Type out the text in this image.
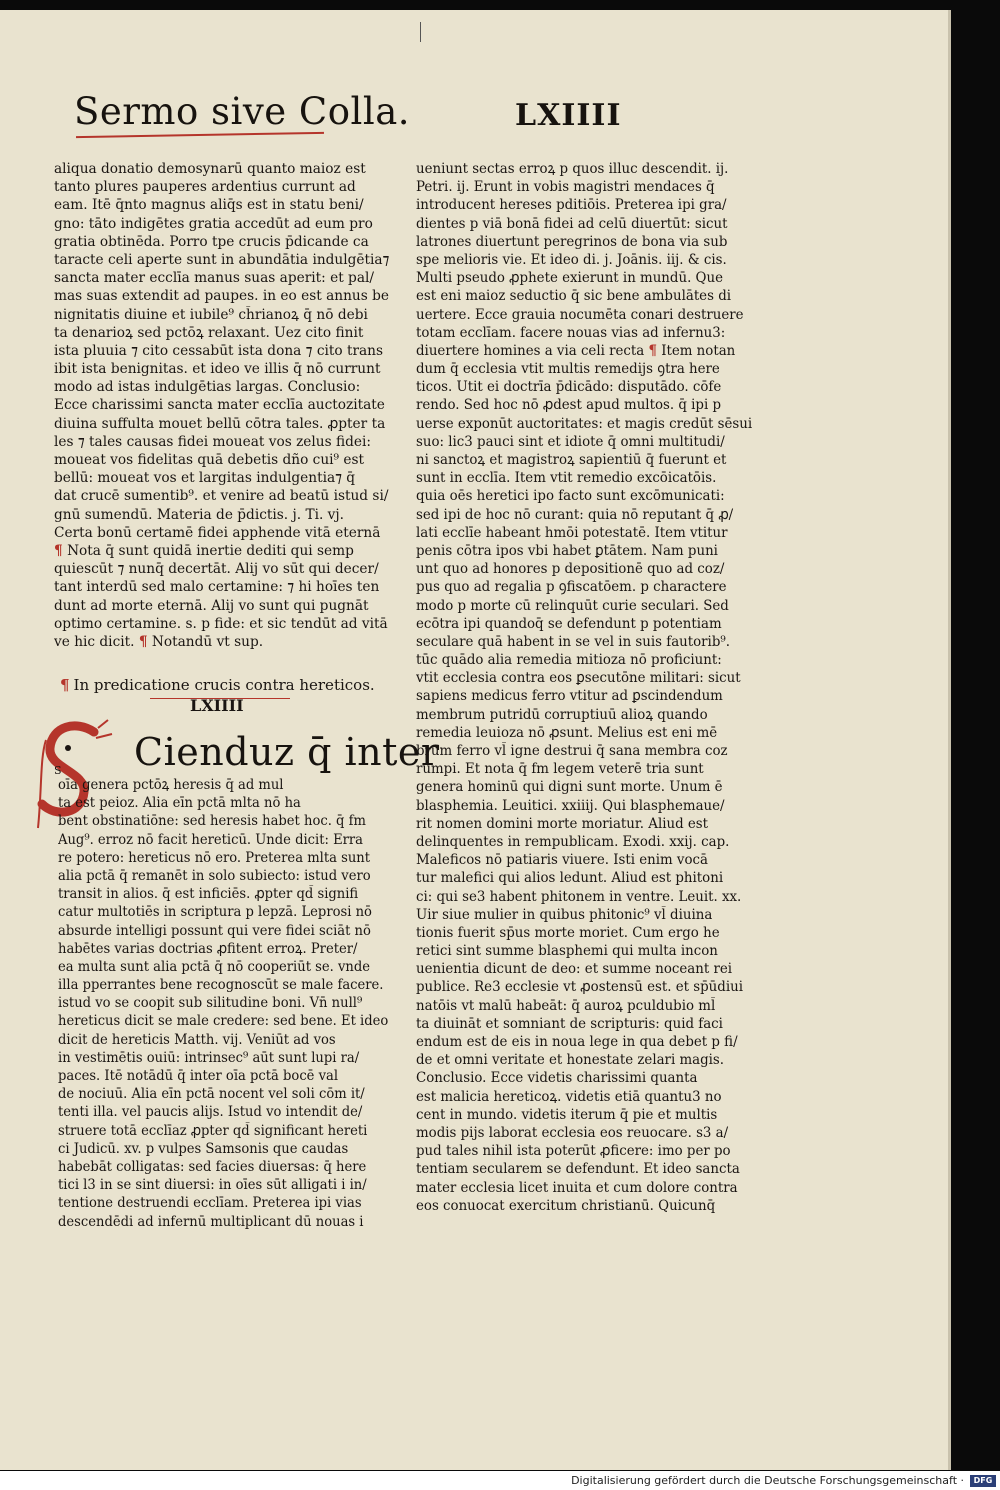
Sermo sive Colla.	LXIIII
aliqua donatio demosynarū quanto maioz est
tanto plures pauperes ardentius currunt ad
eam. Itē q̄nto magnus aliq̄s est in statu beni/
gno: tāto indigētes gratia accedūt ad eum pro
gratia obtinēda. Porro tpe crucis p̄dicande ca
taracte celi aperte sunt in abundātia indulgētia⁊
sancta mater ecclīa manus suas aperit: et pal/
mas suas extendit ad paupes. in eo est annus be
nignitatis diuine et iubile⁹ ch̄rianoꝝ q̄ nō debi
ta denarioꝝ sed pctōꝝ relaxant. Uez cito finit
ista pluuia ⁊ cito cessabūt ista dona ⁊ cito trans
ibit ista benignitas. et ideo ve illis q̄ nō currunt
modo ad istas indulgētias largas. Conclusio:
Ecce charissimi sancta mater ecclīa auctozitate
diuina suffulta mouet bellū cōtra tales. ꝓpter ta
les ⁊ tales causas fidei moueat vos zelus fidei:
moueat vos fidelitas quā debetis dño cui⁹ est
bellū: moueat vos et largitas indulgentia⁊ q̄
dat crucē sumentib⁹. et venire ad beatū istud si/
gnū sumendū. Materia de p̄dictis. j. Ti. vj.
Certa bonū certamē fidei apphende vitā eternā
¶ Nota q̄ sunt quidā inertie dediti qui semp
quiescūt ⁊ nunq̄ decertāt. Alij vo sūt qui decer/
tant interdū sed malo certamine: ⁊ hi hoīes ten
dunt ad morte eternā. Alij vo sunt qui pugnāt
optimo certamine. s. p fide: et sic tendūt ad vitā
ve hic dicit. ¶ Notandū vt sup.
¶ In predicatione crucis contra hereticos.
LXIIII
S Cienduz q̄ inter
oīa genera pctōꝝ heresis q̄ ad mul
ta est peioz. Alia eīn pctā mlta nō ha
bent obstinatiōne: sed heresis habet hoc. q̄ fm
Aug⁹. erroz nō facit hereticū. Unde dicit: Erra
re potero: hereticus nō ero. Preterea mlta sunt
alia pctā q̄ remanēt in solo subiecto: istud vero
transit in alios. q̄ est inficiēs. ꝓpter qd̄ signifi
catur multotiēs in scriptura p lepzā. Leprosi nō
absurde intelligi possunt qui vere fidei sciāt nō
habētes varias doctrias ꝓfitent erroꝝ. Preter/
ea multa sunt alia pctā q̄ nō cooperiūt se. vnde
illa pperrantes bene recognoscūt se male facere.
istud vo se coopit sub silitudine boni. Vn̄ null⁹
hereticus dicit se male credere: sed bene. Et ideo
dicit de hereticis Matth. vij. Veniūt ad vos
in vestimētis ouiū: intrinsec⁹ aūt sunt lupi ra/
paces. Itē notādū q̄ inter oīa pctā bocē val
de nociuū. Alia eīn pctā nocent vel soli cōm it/
tenti illa. vel paucis alijs. Istud vo intendit de/
struere totā ecclīaz ꝓpter qd̄ significant hereti
ci Judicū. xv. p vulpes Samsonis que caudas
habebāt colligatas: sed facies diuersas: q̄ here
tici l3 in se sint diuersi: in oīes sūt alligati i in/
tentione destruendi ecclīam. Preterea ipi vias
descendēdi ad infernū multiplicant dū nouas i
ueniunt sectas erroꝝ p quos illuc descendit. ij.
Petri. ij. Erunt in vobis magistri mendaces q̄
introducent hereses pditiōis. Preterea ipi gra/
dientes p viā bonā fidei ad celū diuertūt: sicut
latrones diuertunt peregrinos de bona via sub
spe melioris vie. Et ideo di. j. Joānis. iij. & cis.
Multi pseudo ꝓphete exierunt in mundū. Que
est eni maioz seductio q̄ sic bene ambulātes di
uertere. Ecce grauia nocumēta conari destruere
totam ecclīam. facere nouas vias ad infernu3:
diuertere homines a via celi recta ¶ Item notan
dum q̄ ecclesia vtit multis remedijs ꝯtra here
ticos. Utit ei doctrīa p̄dicādo: disputādo. cōfe
rendo. Sed hoc nō ꝓdest apud multos. q̄ ipi p
uerse exponūt auctoritates: et magis credūt sēsui
suo: lic3 pauci sint et idiote q̄ omni multitudi/
ni sanctoꝝ et magistroꝝ sapientiū q̄ fuerunt et
sunt in ecclīa. Item vtit remedio excōicatōis.
quia oēs heretici ipo facto sunt excōmunicati:
sed ipi de hoc nō curant: quia nō reputant q̄ ꝓ/
lati ecclīe habeant hmōi potestatē. Item vtitur
penis cōtra ipos vbi habet ꝑtātem. Nam puni
unt quo ad honores p depositionē quo ad coz/
pus quo ad regalia p ꝯfiscatōem. p charactere
modo p morte cū relinquūt curie seculari. Sed
ecōtra ipi quandoq̄ se defendunt p potentiam
seculare quā habent in se vel in suis fautorib⁹.
tūc quādo alia remedia mitioza nō proficiunt:
vtit ecclesia contra eos ꝑsecutōne militari: sicut
sapiens medicus ferro vtitur ad ꝑscindendum
membrum putridū corruptiuū alioꝝ quando
remedia leuioza nō ꝓsunt. Melius est eni mē
brum ferro vl̄ igne destrui q̄ sana membra coz
rumpi. Et nota q̄ fm legem veterē tria sunt
genera hominū qui digni sunt morte. Unum ē
blasphemia. Leuitici. xxiiij. Qui blasphemaue/
rit nomen domini morte moriatur. Aliud est
delinquentes in rempublicam. Exodi. xxij. cap.
Maleficos nō patiaris viuere. Isti enim vocā
tur malefici qui alios ledunt. Aliud est phitoni
ci: qui se3 habent phitonem in ventre. Leuit. xx.
Uir siue mulier in quibus phitonic⁹ vl̄ diuina
tionis fuerit sp̄us morte moriet. Cum ergo he
retici sint summe blasphemi qui multa incon
uenientia dicunt de deo: et summe noceant rei
publice. Re3 ecclesie vt ꝓostensū est. et sp̄ūdiui
natōis vt malū habeāt: q̄ auroꝝ pculdubio ml̄
ta diuināt et somniant de scripturis: quid faci
endum est de eis in noua lege in qua debet p fi/
de et omni veritate et honestate zelari magis.
Conclusio. Ecce videtis charissimi quanta
est malicia hereticoꝝ. videtis etiā quantu3 no
cent in mundo. videtis iterum q̄ pie et multis
modis pijs laborat ecclesia eos reuocare. s3 a/
pud tales nihil ista poterūt ꝓficere: imo per po
tentiam secularem se defendunt. Et ideo sancta
mater ecclesia licet inuita et cum dolore contra
eos conuocat exercitum christianū. Quicunq̄
Digitalisierung gefördert durch die Deutsche Forschungsgemeinschaft · DFG
